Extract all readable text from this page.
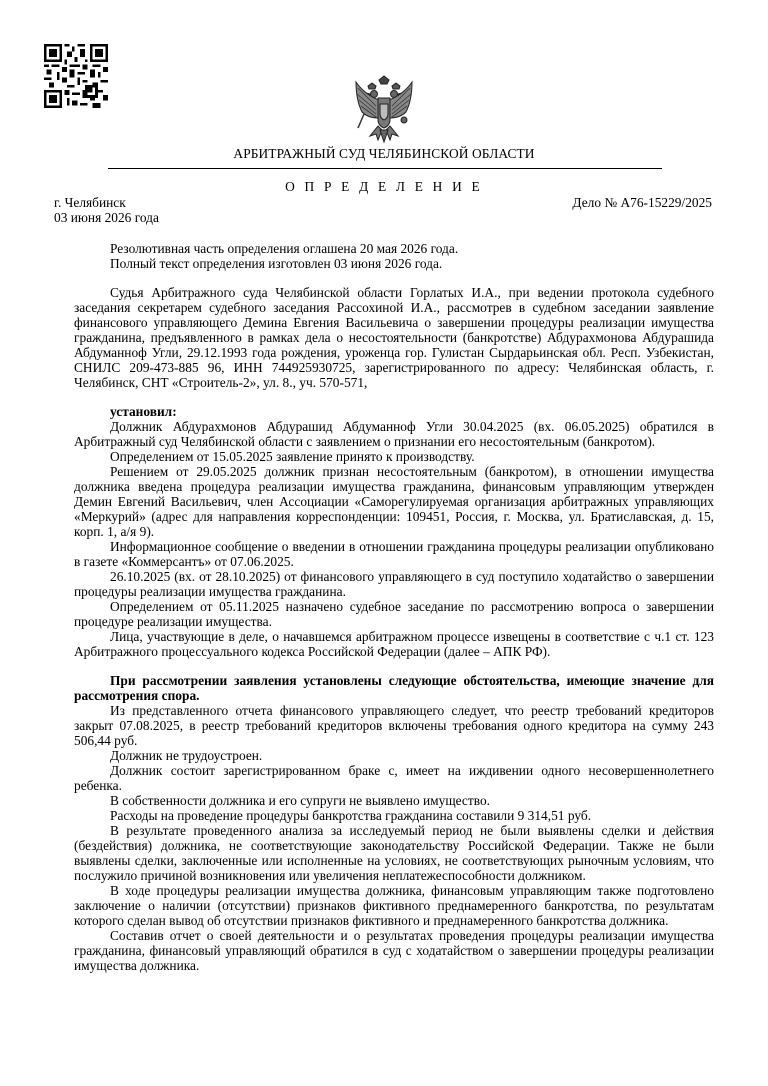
АРБИТРАЖНЫЙ СУД ЧЕЛЯБИНСКОЙ ОБЛАСТИ
О П Р Е Д Е Л Е Н И Е
г. Челябинск
03 июня 2026 года
Дело № А76-15229/2025

Резолютивная часть определения оглашена 20 мая 2026 года.

Полный текст определения изготовлен 03 июня 2026 года.

Судья Арбитражного суда Челябинской области Горлатых И.А., при ведении протокола судебного заседания секретарем судебного заседания Рассохиной И.А., рассмотрев в судебном заседании заявление финансового управляющего Демина Евгения Васильевича о завершении процедуры реализации имущества гражданина, предъявленного в рамках дела о несостоятельности (банкротстве) Абдурахмонова Абдурашида Абдуманноф Угли, 29.12.1993 года рождения, уроженца гор. Гулистан Сырдарьинская обл. Респ. Узбекистан, СНИЛС 209-473-885 96, ИНН 744925930725, зарегистрированного по адресу: Челябинская область, г. Челябинск, СНТ «Строитель-2», ул. 8., уч. 570-571,

установил:

Должник Абдурахмонов Абдурашид Абдуманноф Угли 30.04.2025 (вх. 06.05.2025) обратился в Арбитражный суд Челябинской области с заявлением о признании его несостоятельным (банкротом).

Определением от 15.05.2025 заявление принято к производству.

Решением от 29.05.2025 должник признан несостоятельным (банкротом), в отношении имущества должника введена процедура реализации имущества гражданина, финансовым управляющим утвержден Демин Евгений Васильевич, член Ассоциации «Саморегулируемая организация арбитражных управляющих «Меркурий» (адрес для направления корреспонденции: 109451, Россия, г. Москва, ул. Братиславская, д. 15, корп. 1, а/я 9).

Информационное сообщение о введении в отношении гражданина процедуры реализации опубликовано в газете «Коммерсантъ» от 07.06.2025.

26.10.2025 (вх. от 28.10.2025) от финансового управляющего в суд поступило ходатайство о завершении процедуры реализации имущества гражданина.

Определением от 05.11.2025 назначено судебное заседание по рассмотрению вопроса о завершении процедуре реализации имущества.

Лица, участвующие в деле, о начавшемся арбитражном процессе извещены в соответствие с ч.1 ст. 123 Арбитражного процессуального кодекса Российской Федерации (далее – АПК РФ).

При рассмотрении заявления установлены следующие обстоятельства, имеющие значение для рассмотрения спора.

Из представленного отчета финансового управляющего следует, что реестр требований кредиторов закрыт 07.08.2025, в реестр требований кредиторов включены требования одного кредитора на сумму 243 506,44 руб.

Должник не трудоустроен.

Должник состоит зарегистрированном браке с, имеет на иждивении одного несовершеннолетнего ребенка.

В собственности должника и его супруги не выявлено имущество.

Расходы на проведение процедуры банкротства гражданина составили 9 314,51 руб.

В результате проведенного анализа за исследуемый период не были выявлены сделки и действия (бездействия) должника, не соответствующие законодательству Российской Федерации. Также не были выявлены сделки, заключенные или исполненные на условиях, не соответствующих рыночным условиям, что послужило причиной возникновения или увеличения неплатежеспособности должником.

В ходе процедуры реализации имущества должника, финансовым управляющим также подготовлено заключение о наличии (отсутствии) признаков фиктивного преднамеренного банкротства, по результатам которого сделан вывод об отсутствии признаков фиктивного и преднамеренного банкротства должника.

Составив отчет о своей деятельности и о результатах проведения процедуры реализации имущества гражданина, финансовый управляющий обратился в суд с ходатайством о завершении процедуры реализации имущества должника.
